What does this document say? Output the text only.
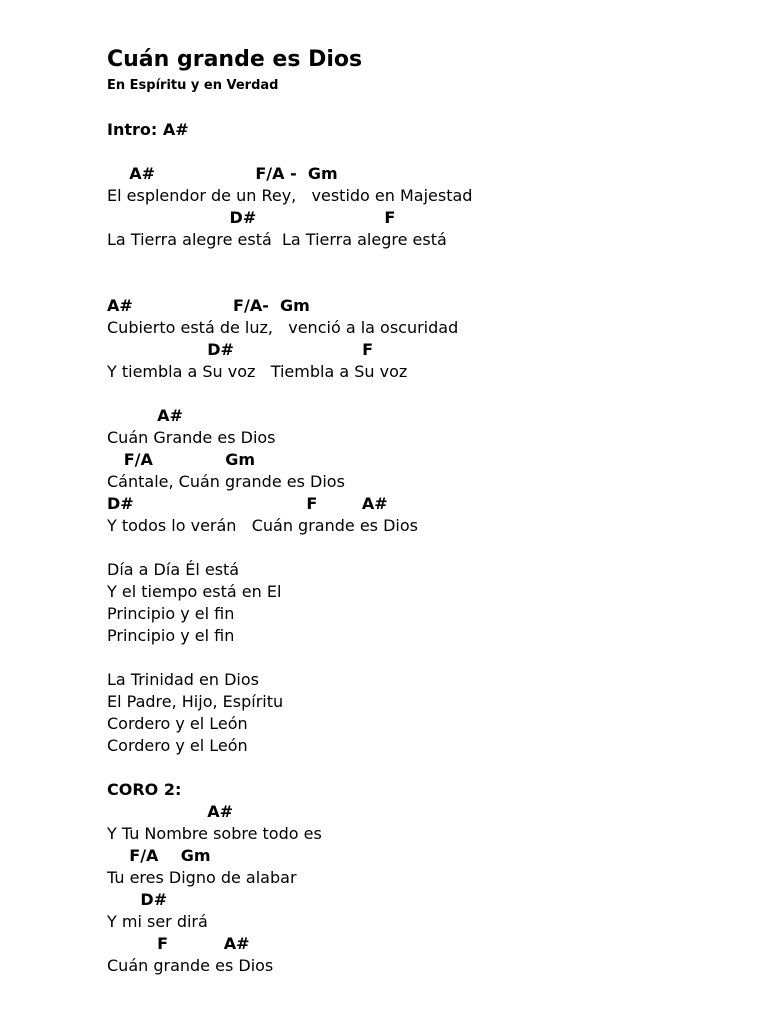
Cuán grande es Dios

En Espíritu y en Verdad

Intro: A#

A#                  F/A -  Gm

El esplendor de un Rey,   vestido en Majestad

D#                       F

La Tierra alegre está  La Tierra alegre está

A#                  F/A-  Gm

Cubierto está de luz,   venció a la oscuridad

D#                       F

Y tiembla a Su voz   Tiembla a Su voz

A#

Cuán Grande es Dios

F/A             Gm

Cántale, Cuán grande es Dios

D#                               F        A#

Y todos lo verán   Cuán grande es Dios

Día a Día Él está

Y el tiempo está en El

Principio y el fin

Principio y el fin

La Trinidad en Dios

El Padre, Hijo, Espíritu

Cordero y el León

Cordero y el León

CORO 2:

A#

Y Tu Nombre sobre todo es

F/A    Gm

Tu eres Digno de alabar

D#

Y mi ser dirá

F          A#

Cuán grande es Dios
